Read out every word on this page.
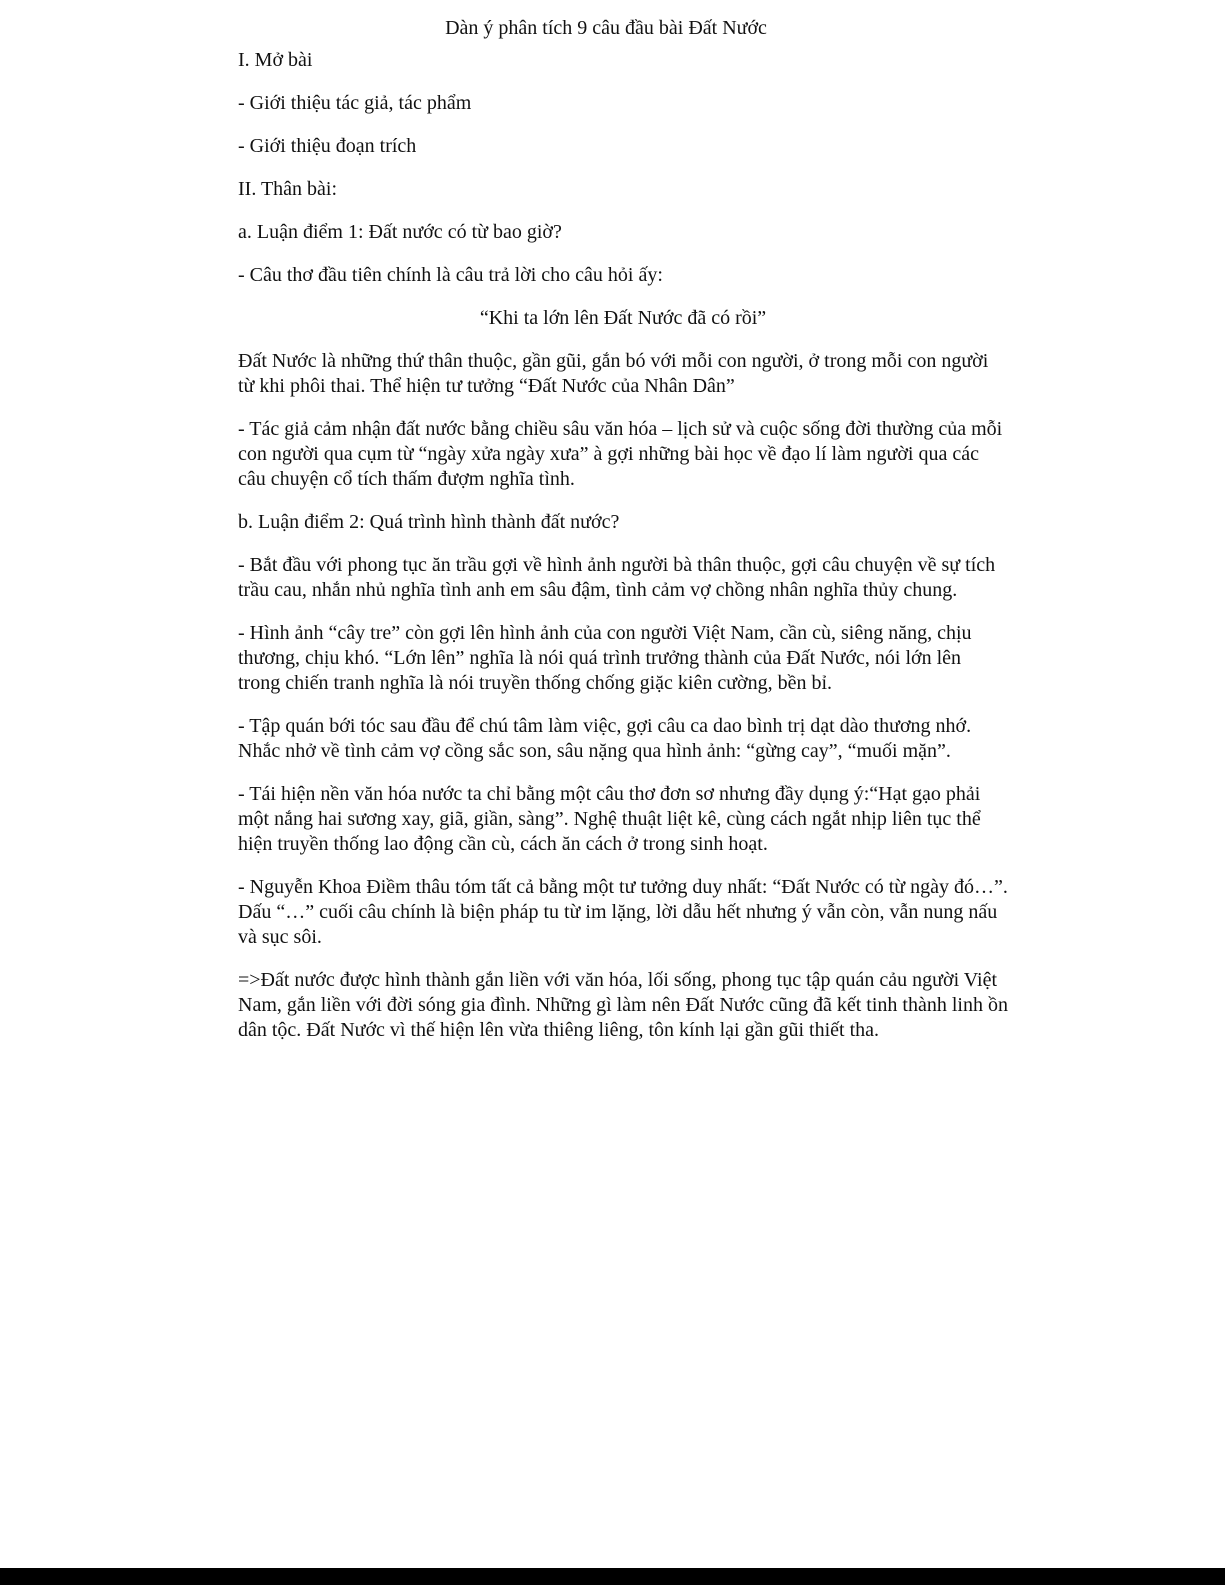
Dàn ý phân tích 9 câu đầu bài Đất Nước

I. Mở bài

- Giới thiệu tác giả, tác phẩm

- Giới thiệu đoạn trích

II. Thân bài:

a. Luận điểm 1: Đất nước có từ bao giờ?

- Câu thơ đầu tiên chính là câu trả lời cho câu hỏi ấy:

“Khi ta lớn lên Đất Nước đã có rồi”

Đất Nước là những thứ thân thuộc, gần gũi, gắn bó với mỗi con người, ở trong mỗi con người từ khi phôi thai. Thể hiện tư tưởng “Đất Nước của Nhân Dân”

- Tác giả cảm nhận đất nước bằng chiều sâu văn hóa – lịch sử và cuộc sống đời thường của mỗi con người qua cụm từ “ngày xửa ngày xưa” à gợi những bài học về đạo lí làm người qua các câu chuyện cổ tích thấm đượm nghĩa tình.

b. Luận điểm 2: Quá trình hình thành đất nước?

- Bắt đầu với phong tục ăn trầu gợi về hình ảnh người bà thân thuộc, gợi câu chuyện về sự tích trầu cau, nhắn nhủ nghĩa tình anh em sâu đậm, tình cảm vợ chồng nhân nghĩa thủy chung.

- Hình ảnh “cây tre” còn gợi lên hình ảnh của con người Việt Nam, cần cù, siêng năng, chịu thương, chịu khó. “Lớn lên” nghĩa là nói quá trình trưởng thành của Đất Nước, nói lớn lên trong chiến tranh nghĩa là nói truyền thống chống giặc kiên cường, bền bỉ.

- Tập quán bới tóc sau đầu để chú tâm làm việc, gợi câu ca dao bình trị dạt dào thương nhớ. Nhắc nhở về tình cảm vợ cồng sắc son, sâu nặng qua hình ảnh: “gừng cay”, “muối mặn”.

- Tái hiện nền văn hóa nước ta chỉ bằng một câu thơ đơn sơ nhưng đầy dụng ý:“Hạt gạo phải một nắng hai sương xay, giã, giần, sàng”. Nghệ thuật liệt kê, cùng cách ngắt nhịp liên tục thể hiện truyền thống lao động cần cù, cách ăn cách ở trong sinh hoạt.

- Nguyễn Khoa Điềm thâu tóm tất cả bằng một tư tưởng duy nhất: “Đất Nước có từ ngày đó…”. Dấu “…” cuối câu chính là biện pháp tu từ im lặng, lời dẫu hết nhưng ý vẫn còn, vẫn nung nấu và sục sôi.

=>Đất nước được hình thành gắn liền với văn hóa, lối sống, phong tục tập quán cảu người Việt Nam, gắn liền với đời sóng gia đình. Những gì làm nên Đất Nước cũng đã kết tinh thành linh ồn dân tộc. Đất Nước vì thế hiện lên vừa thiêng liêng, tôn kính lại gần gũi thiết tha.
